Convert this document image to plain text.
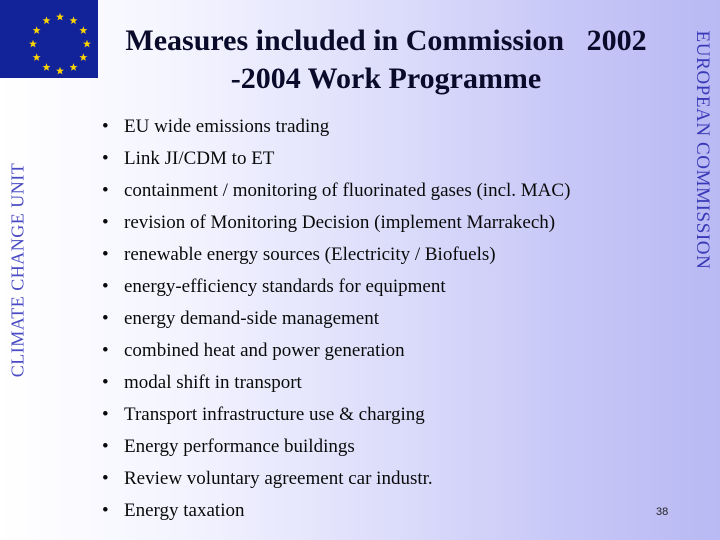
CLIMATE CHANGE UNIT
EUROPEAN COMMISSION
Measures included in Commission   2002
-2004 Work Programme
• EU wide emissions trading
• Link JI/CDM to ET
• containment / monitoring of fluorinated gases (incl. MAC)
• revision of Monitoring Decision (implement Marrakech)
• renewable energy sources (Electricity / Biofuels)
• energy-efficiency standards for equipment
• energy demand-side management
• combined heat and power generation
• modal shift in transport
• Transport infrastructure use & charging
• Energy performance buildings
• Review voluntary agreement car industr.
• Energy taxation	38
